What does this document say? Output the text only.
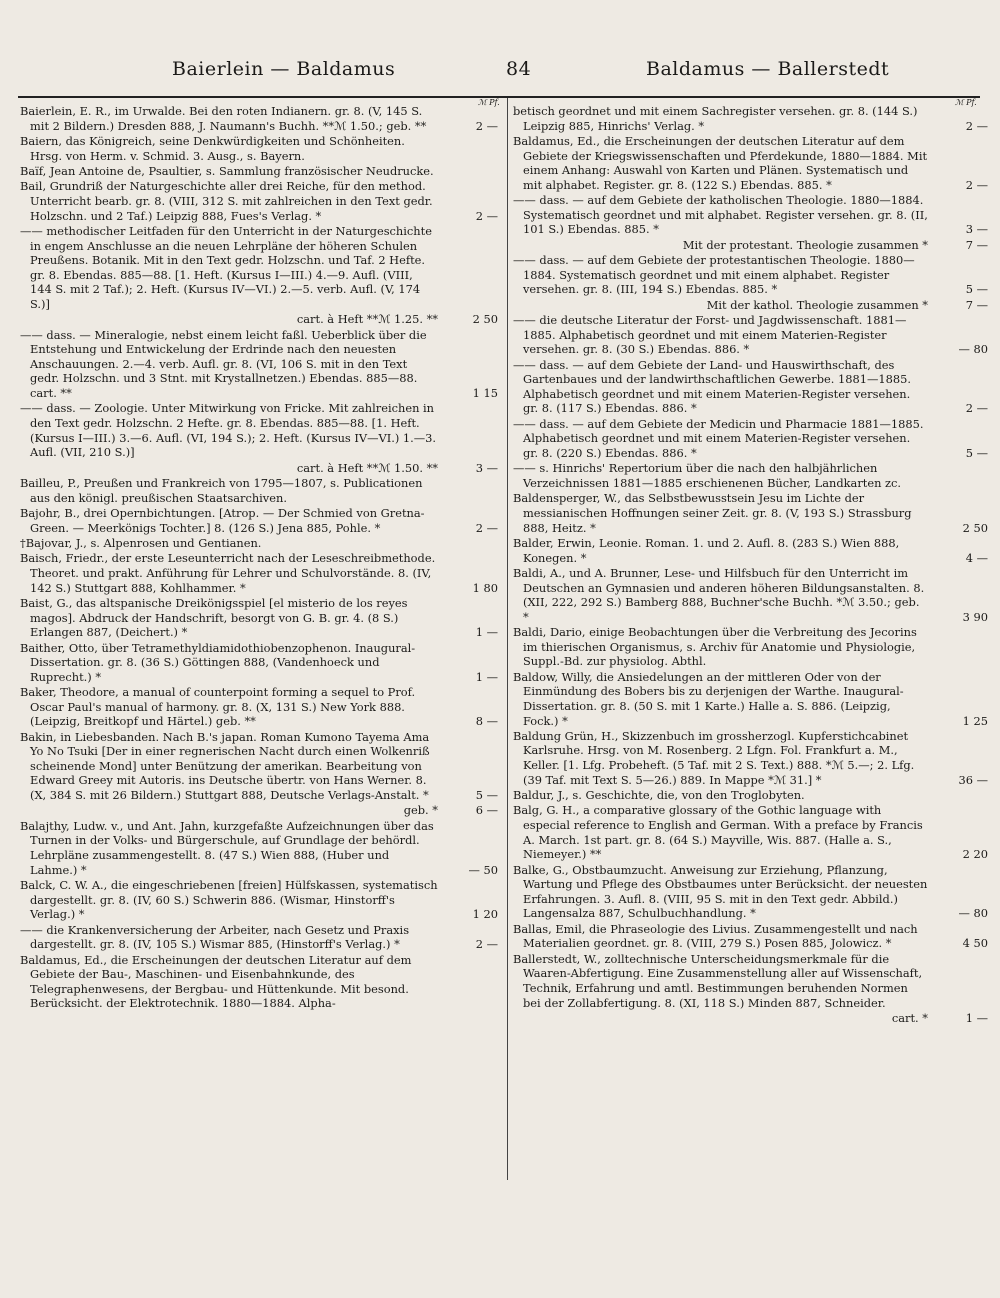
Baierlein — Baldamus	84	Baldamus — Ballerstedt
ℳ Pf.	ℳ Pf.
Baierlein, E. R., im Urwalde. Bei den roten Indianern. gr. 8. (V, 145 S. mit 2 Bildern.) Dresden 888, J. Naumann's Buchh. **ℳ 1.50.; geb. **	2 —
Baiern, das Königreich, seine Denkwürdigkeiten und Schönheiten. Hrsg. von Herm. v. Schmid. 3. Ausg., s. Bayern.
Baïf, Jean Antoine de, Psaultier, s. Sammlung französischer Neudrucke.
Bail, Grundriß der Naturgeschichte aller drei Reiche, für den method. Unterricht bearb. gr. 8. (VIII, 312 S. mit zahlreichen in den Text gedr. Holzschn. und 2 Taf.) Leipzig 888, Fues's Verlag. *	2 —
—— methodischer Leitfaden für den Unterricht in der Naturgeschichte in engem Anschlusse an die neuen Lehrpläne der höheren Schulen Preußens. Botanik. Mit in den Text gedr. Holzschn. und Taf. 2 Hefte. gr. 8. Ebendas. 885—88. [1. Heft. (Kursus I—III.) 4.—9. Aufl. (VIII, 144 S. mit 2 Taf.); 2. Heft. (Kursus IV—VI.) 2.—5. verb. Aufl. (V, 174 S.)]
cart. à Heft **ℳ 1.25. **	2 50
—— dass. — Mineralogie, nebst einem leicht faßl. Ueberblick über die Entstehung und Entwickelung der Erdrinde nach den neuesten Anschauungen. 2.—4. verb. Aufl. gr. 8. (VI, 106 S. mit in den Text gedr. Holzschn. und 3 Stnt. mit Krystallnetzen.) Ebendas. 885—88. cart. **	1 15
—— dass. — Zoologie. Unter Mitwirkung von Fricke. Mit zahlreichen in den Text gedr. Holzschn. 2 Hefte. gr. 8. Ebendas. 885—88. [1. Heft. (Kursus I—III.) 3.—6. Aufl. (VI, 194 S.); 2. Heft. (Kursus IV—VI.) 1.—3. Aufl. (VII, 210 S.)]
cart. à Heft **ℳ 1.50. **	3 —
Bailleu, P., Preußen und Frankreich von 1795—1807, s. Publicationen aus den königl. preußischen Staatsarchiven.
Bajohr, B., drei Opernbichtungen. [Atrop. — Der Schmied von Gretna-Green. — Meerkönigs Tochter.] 8. (126 S.) Jena 885, Pohle. *	2 —
†Bajovar, J., s. Alpenrosen und Gentianen.
Baisch, Friedr., der erste Leseunterricht nach der Leseschreibmethode. Theoret. und prakt. Anführung für Lehrer und Schulvorstände. 8. (IV, 142 S.) Stuttgart 888, Kohlhammer. *	1 80
Baist, G., das altspanische Dreikönigsspiel [el misterio de los reyes magos]. Abdruck der Handschrift, besorgt von G. B. gr. 4. (8 S.) Erlangen 887, (Deichert.) *	1 —
Baither, Otto, über Tetramethyldiamidothiobenzophenon. Inaugural-Dissertation. gr. 8. (36 S.) Göttingen 888, (Vandenhoeck und Ruprecht.) *	1 —
Baker, Theodore, a manual of counterpoint forming a sequel to Prof. Oscar Paul's manual of harmony. gr. 8. (X, 131 S.) New York 888. (Leipzig, Breitkopf und Härtel.) geb. **	8 —
Bakin, in Liebesbanden. Nach B.'s japan. Roman Kumono Tayema Ama Yo No Tsuki [Der in einer regnerischen Nacht durch einen Wolkenriß scheinende Mond] unter Benützung der amerikan. Bearbeitung von Edward Greey mit Autoris. ins Deutsche übertr. von Hans Werner. 8. (X, 384 S. mit 26 Bildern.) Stuttgart 888, Deutsche Verlags-Anstalt. *	5 —
geb. *	6 —
Balajthy, Ludw. v., und Ant. Jahn, kurzgefaßte Aufzeichnungen über das Turnen in der Volks- und Bürgerschule, auf Grundlage der behördl. Lehrpläne zusammengestellt. 8. (47 S.) Wien 888, (Huber und Lahme.) *	— 50
Balck, C. W. A., die eingeschriebenen [freien] Hülfskassen, systematisch dargestellt. gr. 8. (IV, 60 S.) Schwerin 886. (Wismar, Hinstorff's Verlag.) *	1 20
—— die Krankenversicherung der Arbeiter, nach Gesetz und Praxis dargestellt. gr. 8. (IV, 105 S.) Wismar 885, (Hinstorff's Verlag.) *	2 —
Baldamus, Ed., die Erscheinungen der deutschen Literatur auf dem Gebiete der Bau-, Maschinen- und Eisenbahnkunde, des Telegraphenwesens, der Bergbau- und Hüttenkunde. Mit besond. Berücksicht. der Elektrotechnik. 1880—1884. Alpha-
betisch geordnet und mit einem Sachregister versehen. gr. 8. (144 S.) Leipzig 885, Hinrichs' Verlag. *	2 —
Baldamus, Ed., die Erscheinungen der deutschen Literatur auf dem Gebiete der Kriegswissenschaften und Pferdekunde, 1880—1884. Mit einem Anhang: Auswahl von Karten und Plänen. Systematisch und mit alphabet. Register. gr. 8. (122 S.) Ebendas. 885. *	2 —
—— dass. — auf dem Gebiete der katholischen Theologie. 1880—1884. Systematisch geordnet und mit alphabet. Register versehen. gr. 8. (II, 101 S.) Ebendas. 885. *	3 —
Mit der protestant. Theologie zusammen *	7 —
—— dass. — auf dem Gebiete der protestantischen Theologie. 1880—1884. Systematisch geordnet und mit einem alphabet. Register versehen. gr. 8. (III, 194 S.) Ebendas. 885. *	5 —
Mit der kathol. Theologie zusammen *	7 —
—— die deutsche Literatur der Forst- und Jagdwissenschaft. 1881—1885. Alphabetisch geordnet und mit einem Materien-Register versehen. gr. 8. (30 S.) Ebendas. 886. *	— 80
—— dass. — auf dem Gebiete der Land- und Hauswirthschaft, des Gartenbaues und der landwirthschaftlichen Gewerbe. 1881—1885. Alphabetisch geordnet und mit einem Materien-Register versehen. gr. 8. (117 S.) Ebendas. 886. *	2 —
—— dass. — auf dem Gebiete der Medicin und Pharmacie 1881—1885. Alphabetisch geordnet und mit einem Materien-Register versehen. gr. 8. (220 S.) Ebendas. 886. *	5 —
—— s. Hinrichs' Repertorium über die nach den halbjährlichen Verzeichnissen 1881—1885 erschienenen Bücher, Landkarten zc.
Baldensperger, W., das Selbstbewusstsein Jesu im Lichte der messianischen Hoffnungen seiner Zeit. gr. 8. (V, 193 S.) Strassburg 888, Heitz. *	2 50
Balder, Erwin, Leonie. Roman. 1. und 2. Aufl. 8. (283 S.) Wien 888, Konegen. *	4 —
Baldi, A., und A. Brunner, Lese- und Hilfsbuch für den Unterricht im Deutschen an Gymnasien und anderen höheren Bildungsanstalten. 8. (XII, 222, 292 S.) Bamberg 888, Buchner'sche Buchh. *ℳ 3.50.; geb. *	3 90
Baldi, Dario, einige Beobachtungen über die Verbreitung des Jecorins im thierischen Organismus, s. Archiv für Anatomie und Physiologie, Suppl.-Bd. zur physiolog. Abthl.
Baldow, Willy, die Ansiedelungen an der mittleren Oder von der Einmündung des Bobers bis zu derjenigen der Warthe. Inaugural-Dissertation. gr. 8. (50 S. mit 1 Karte.) Halle a. S. 886. (Leipzig, Fock.) *	1 25
Baldung Grün, H., Skizzenbuch im grossherzogl. Kupferstichcabinet Karlsruhe. Hrsg. von M. Rosenberg. 2 Lfgn. Fol. Frankfurt a. M., Keller. [1. Lfg. Probeheft. (5 Taf. mit 2 S. Text.) 888. *ℳ 5.—; 2. Lfg. (39 Taf. mit Text S. 5—26.) 889. In Mappe *ℳ 31.] *	36 —
Baldur, J., s. Geschichte, die, von den Troglobyten.
Balg, G. H., a comparative glossary of the Gothic language with especial reference to English and German. With a preface by Francis A. March. 1st part. gr. 8. (64 S.) Mayville, Wis. 887. (Halle a. S., Niemeyer.) **	2 20
Balke, G., Obstbaumzucht. Anweisung zur Erziehung, Pflanzung, Wartung und Pflege des Obstbaumes unter Berücksicht. der neuesten Erfahrungen. 3. Aufl. 8. (VIII, 95 S. mit in den Text gedr. Abbild.) Langensalza 887, Schulbuchhandlung. *	— 80
Ballas, Emil, die Phraseologie des Livius. Zusammengestellt und nach Materialien geordnet. gr. 8. (VIII, 279 S.) Posen 885, Jolowicz. *	4 50
Ballerstedt, W., zolltechnische Unterscheidungsmerkmale für die Waaren-Abfertigung. Eine Zusammenstellung aller auf Wissenschaft, Technik, Erfahrung und amtl. Bestimmungen beruhenden Normen bei der Zollabfertigung. 8. (XI, 118 S.) Minden 887, Schneider.
cart. *	1 —
